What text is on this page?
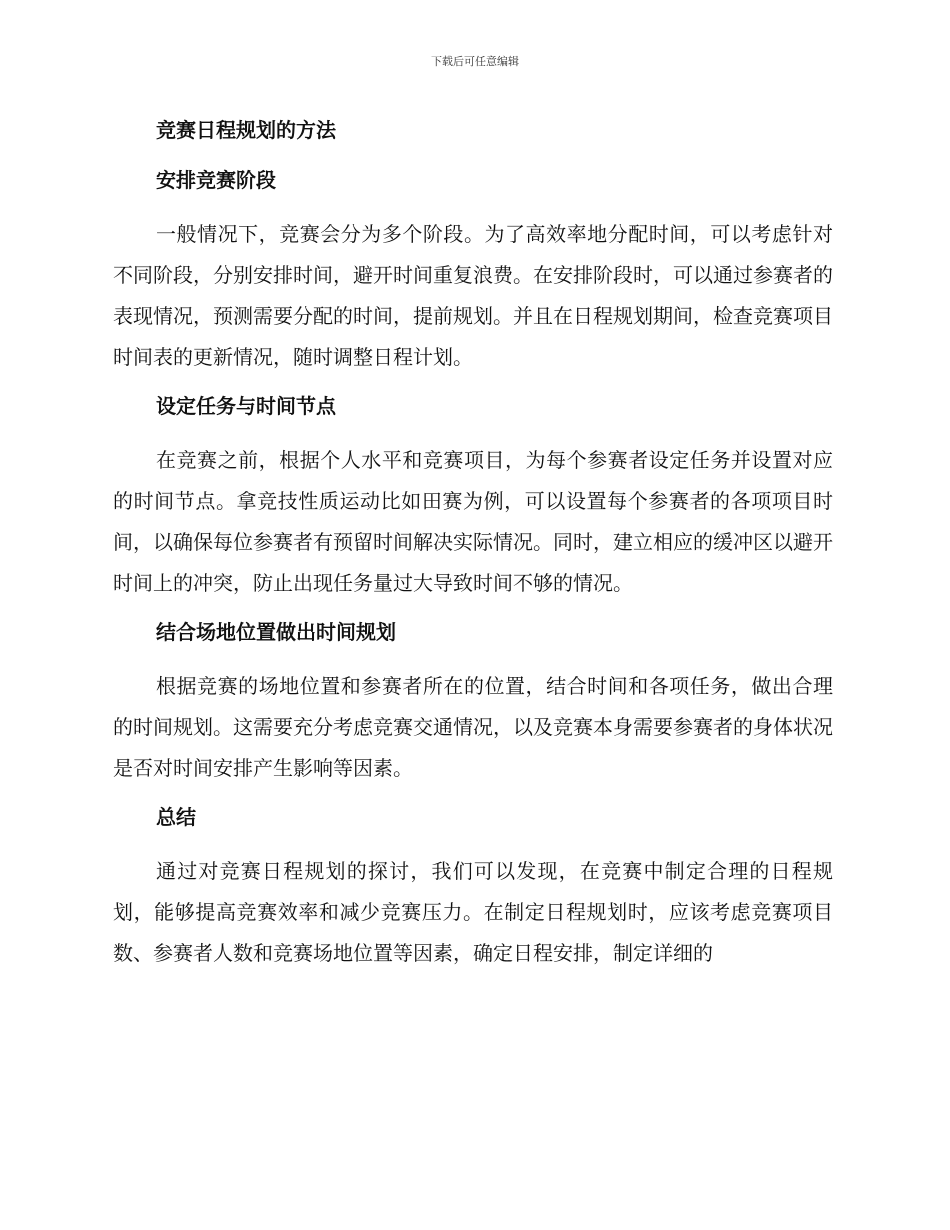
下载后可任意编辑
竞赛日程规划的方法
安排竞赛阶段

一般情况下，竞赛会分为多个阶段。为了高效率地分配时间，可以考虑针对不同阶段，分别安排时间，避开时间重复浪费。在安排阶段时，可以通过参赛者的表现情况，预测需要分配的时间，提前规划。并且在日程规划期间，检查竞赛项目时间表的更新情况，随时调整日程计划。

设定任务与时间节点

在竞赛之前，根据个人水平和竞赛项目，为每个参赛者设定任务并设置对应的时间节点。拿竞技性质运动比如田赛为例，可以设置每个参赛者的各项项目时间，以确保每位参赛者有预留时间解决实际情况。同时，建立相应的缓冲区以避开时间上的冲突，防止出现任务量过大导致时间不够的情况。

结合场地位置做出时间规划

根据竞赛的场地位置和参赛者所在的位置，结合时间和各项任务，做出合理的时间规划。这需要充分考虑竞赛交通情况，以及竞赛本身需要参赛者的身体状况是否对时间安排产生影响等因素。

总结

通过对竞赛日程规划的探讨，我们可以发现，在竞赛中制定合理的日程规划，能够提高竞赛效率和减少竞赛压力。在制定日程规划时，应该考虑竞赛项目数、参赛者人数和竞赛场地位置等因素，确定日程安排，制定详细的
